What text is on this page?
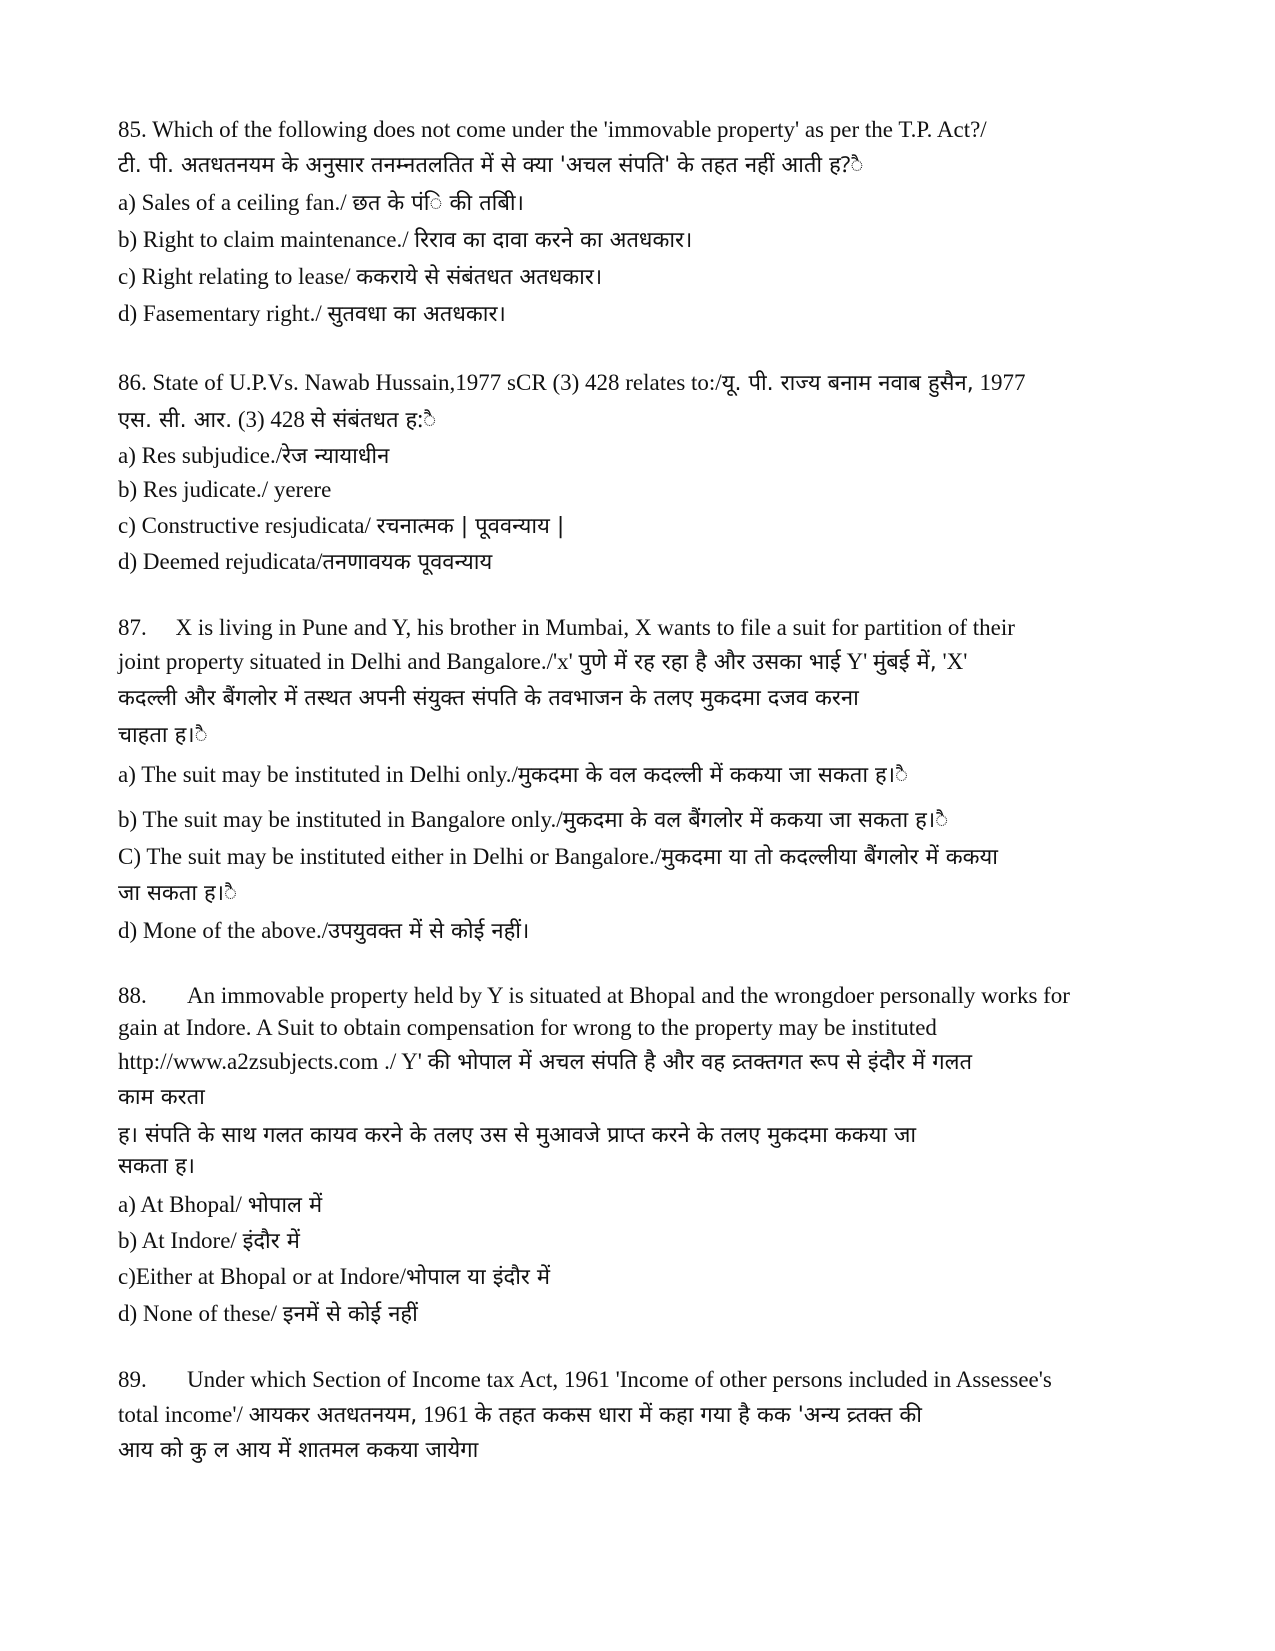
85. Which of the following does not come under the 'immovable property' as per the T.P. Act?/
टी. पी. अतधतनयम के अनुसार तनम्नतलतित में से क्या 'अचल संपति' के तहत नहीं आती ह?ै
a) Sales of a ceiling fan./ छत के पंि की तबिी।
b) Right to claim maintenance./ रिराव का दावा करने का अतधकार।
c) Right relating to lease/ ककराये से संबंतधत अतधकार।
d) Fasementary right./ सुतवधा का अतधकार।
86. State of U.P.Vs. Nawab Hussain,1977 sCR (3) 428 relates to:/यू. पी. राज्य बनाम नवाब हुसैन, 1977
एस. सी. आर. (3) 428 से संबंतधत ह:ै
a) Res subjudice./रेज न्यायाधीन
b) Res judicate./ yerere
c) Constructive resjudicata/ रचनात्मक | पूववन्याय |
d) Deemed rejudicata/तनणावयक पूववन्याय
87. X is living in Pune and Y, his brother in Mumbai, X wants to file a suit for partition of their
joint property situated in Delhi and Bangalore./'x' पुणे में रह रहा है और उसका भाई Y' मुंबई में, 'X'
कदल्ली और बैंगलोर में तस्थत अपनी संयुक्त संपति के तवभाजन के तलए मुकदमा दजव करना
चाहता ह।ै
a) The suit may be instituted in Delhi only./मुकदमा के वल कदल्ली में ककया जा सकता ह।ै
b) The suit may be instituted in Bangalore only./मुकदमा के वल बैंगलोर में ककया जा सकता ह।ै
C) The suit may be instituted either in Delhi or Bangalore./मुकदमा या तो कदल्लीया बैंगलोर में ककया
जा सकता ह।ै
d) Mone of the above./उपयुवक्त में से कोई नहीं।
88. An immovable property held by Y is situated at Bhopal and the wrongdoer personally works for
gain at Indore. A Suit to obtain compensation for wrong to the property may be instituted
http://www.a2zsubjects.com ./ Y' की भोपाल में अचल संपति है और वह व्र्तक्तगत रूप से इंदौर में गलत
काम करता
ह। संपति के साथ गलत कायव करने के तलए उस से मुआवजे प्राप्त करने के तलए मुकदमा ककया जा
सकता ह।
a) At Bhopal/ भोपाल में
b) At Indore/ इंदौर में
c)Either at Bhopal or at Indore/भोपाल या इंदौर में
d) None of these/ इनमें से कोई नहीं
89. Under which Section of Income tax Act, 1961 'Income of other persons included in Assessee's
total income'/ आयकर अतधतनयम, 1961 के तहत ककस धारा में कहा गया है कक 'अन्य व्र्तक्त की
आय को कु ल आय में शातमल ककया जायेगा
